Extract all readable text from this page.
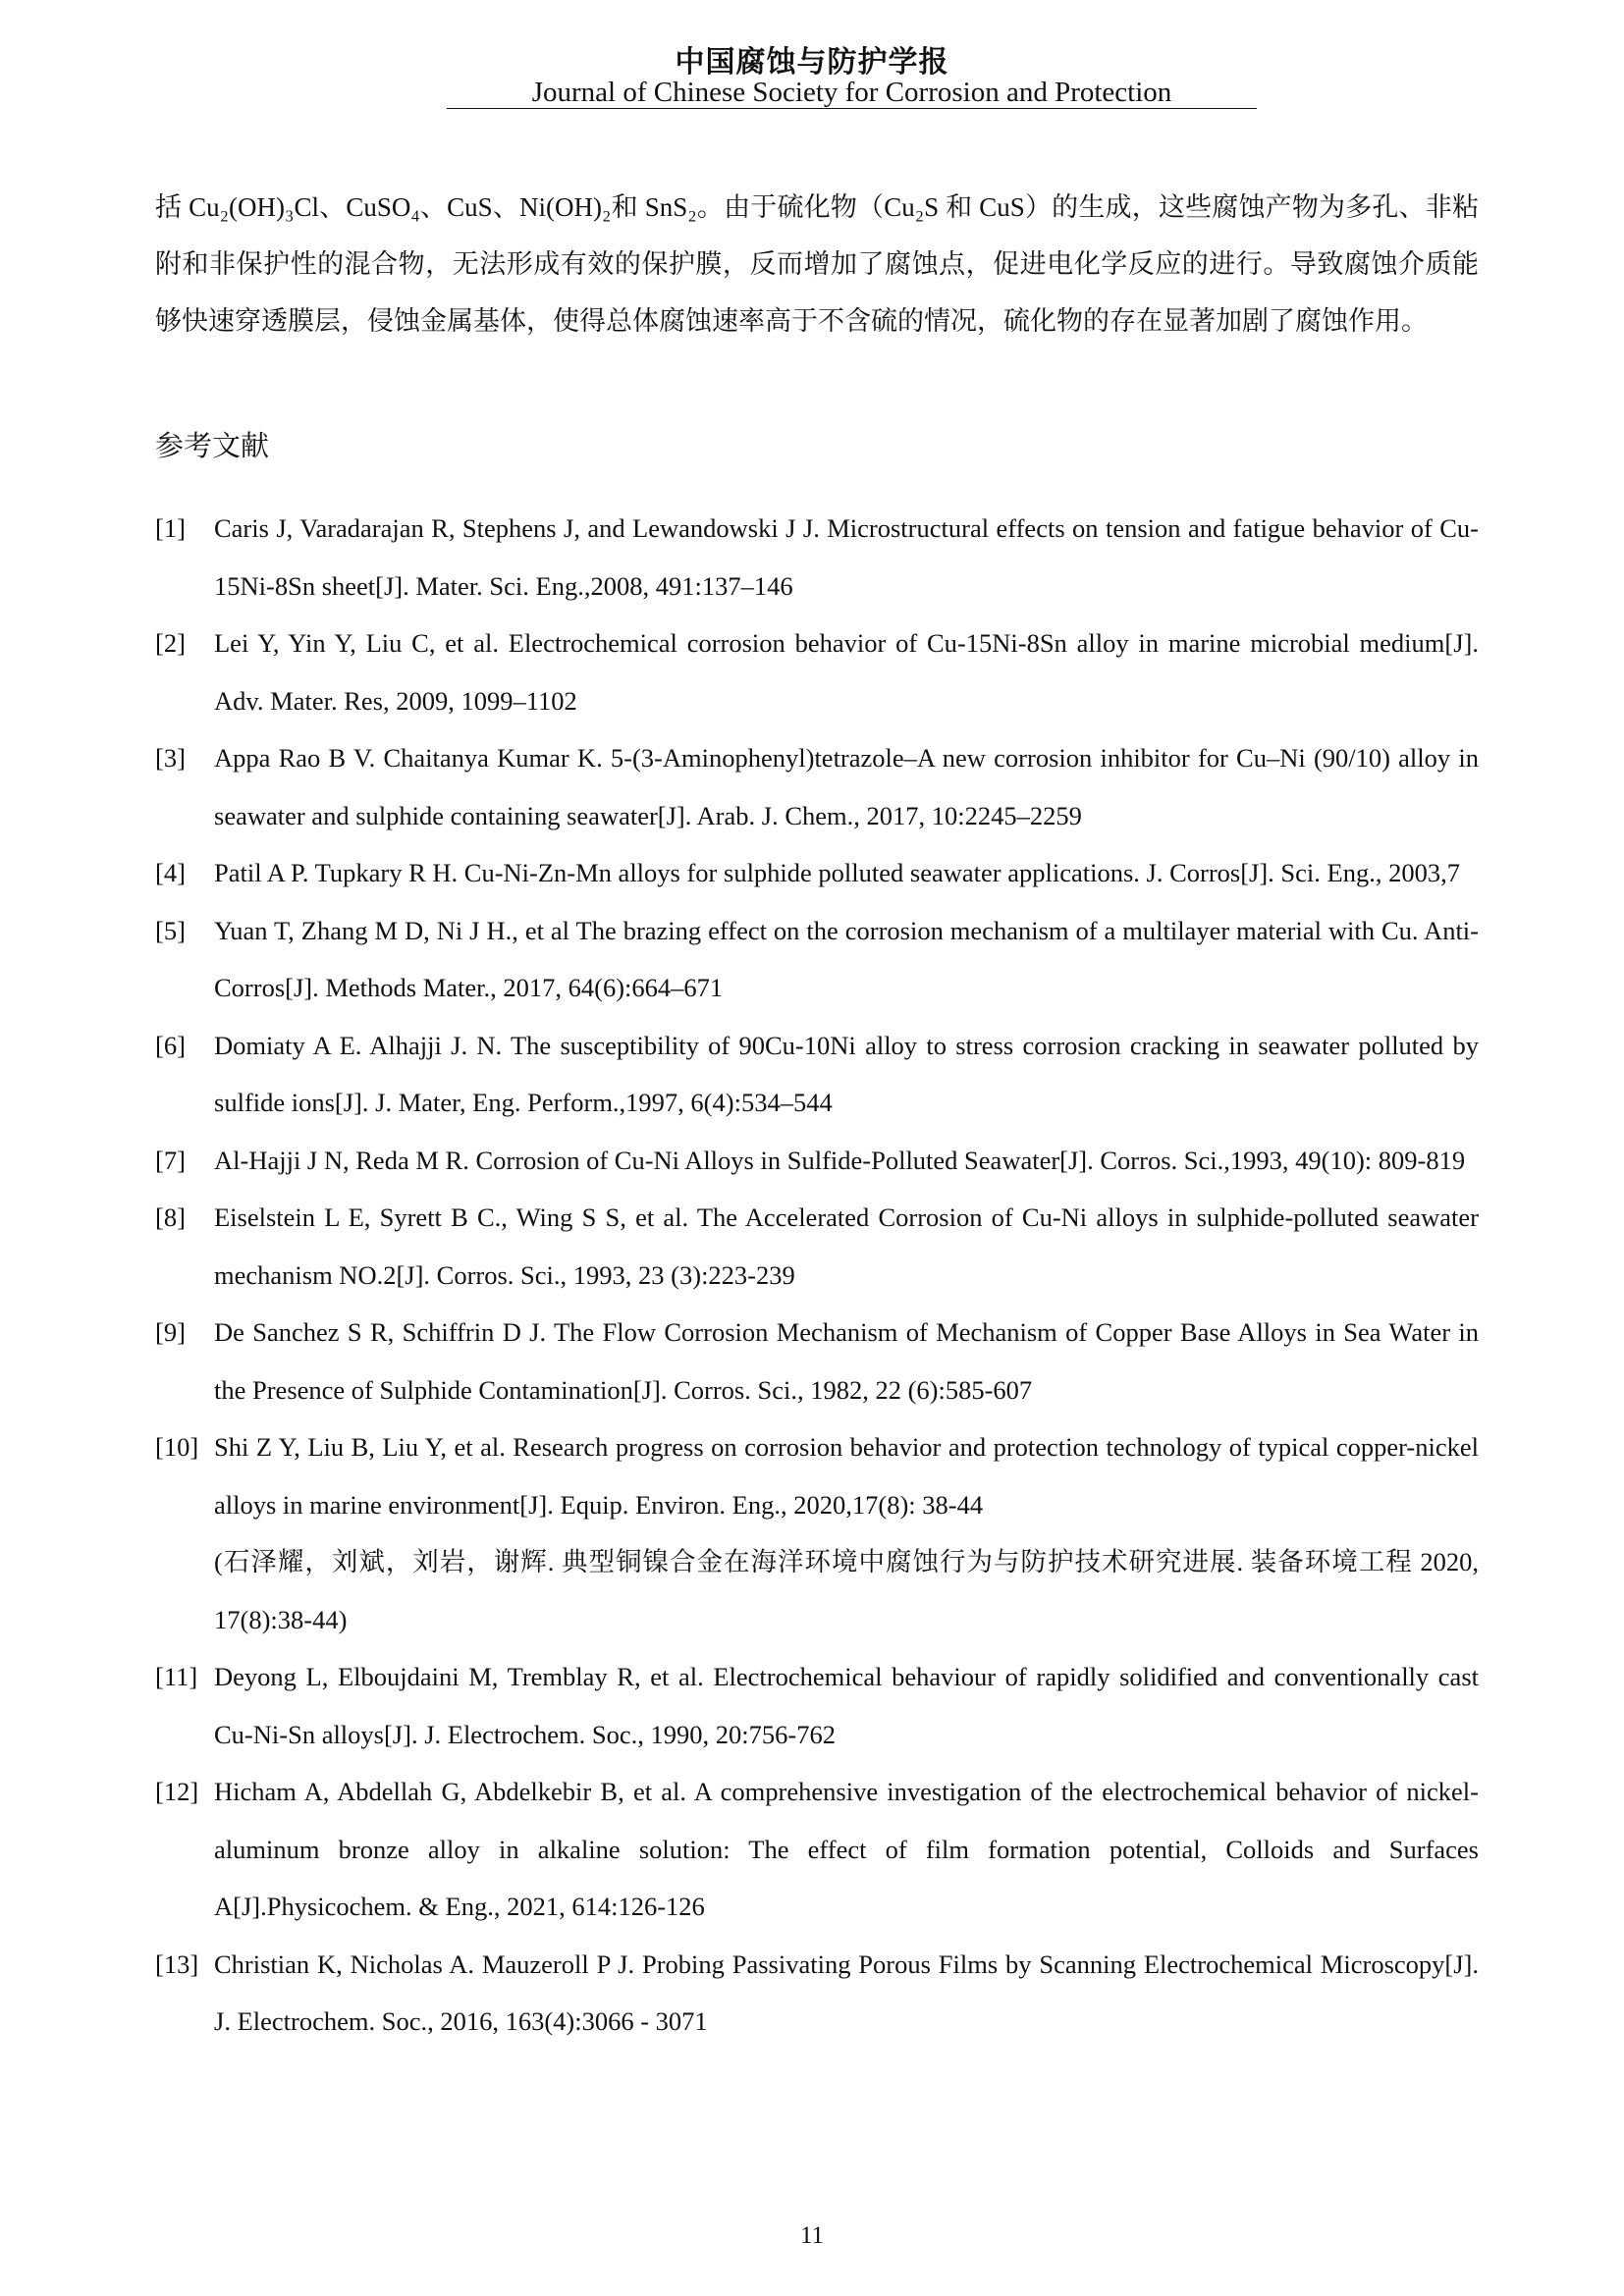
中国腐蚀与防护学报
Journal of Chinese Society for Corrosion and Protection
括 Cu₂(OH)₃Cl、CuSO₄、CuS、Ni(OH)₂和 SnS₂。由于硫化物（Cu₂S 和 CuS）的生成，这些腐蚀产物为多孔、非粘附和非保护性的混合物，无法形成有效的保护膜，反而增加了腐蚀点，促进电化学反应的进行。导致腐蚀介质能够快速穿透膜层，侵蚀金属基体，使得总体腐蚀速率高于不含硫的情况，硫化物的存在显著加剧了腐蚀作用。
参考文献
[1]	Caris J, Varadarajan R, Stephens J, and Lewandowski J J. Microstructural effects on tension and fatigue behavior of Cu-15Ni-8Sn sheet[J]. Mater. Sci. Eng.,2008, 491:137–146
[2]	Lei Y, Yin Y, Liu C, et al. Electrochemical corrosion behavior of Cu-15Ni-8Sn alloy in marine microbial medium[J]. Adv. Mater. Res, 2009, 1099–1102
[3]	Appa Rao B V. Chaitanya Kumar K. 5-(3-Aminophenyl)tetrazole–A new corrosion inhibitor for Cu–Ni (90/10) alloy in seawater and sulphide containing seawater[J]. Arab. J. Chem., 2017, 10:2245–2259
[4]	Patil A P. Tupkary R H. Cu-Ni-Zn-Mn alloys for sulphide polluted seawater applications. J. Corros[J]. Sci. Eng., 2003,7
[5]	Yuan T, Zhang M D, Ni J H., et al The brazing effect on the corrosion mechanism of a multilayer material with Cu. Anti-Corros[J]. Methods Mater., 2017, 64(6):664–671
[6]	Domiaty A E. Alhajji J. N. The susceptibility of 90Cu-10Ni alloy to stress corrosion cracking in seawater polluted by sulfide ions[J]. J. Mater, Eng. Perform.,1997, 6(4):534–544
[7]	Al-Hajji J N, Reda M R. Corrosion of Cu-Ni Alloys in Sulfide-Polluted Seawater[J]. Corros. Sci.,1993, 49(10): 809-819
[8]	Eiselstein L E, Syrett B C., Wing S S, et al. The Accelerated Corrosion of Cu-Ni alloys in sulphide-polluted seawater mechanism NO.2[J]. Corros. Sci., 1993, 23 (3):223-239
[9]	De Sanchez S R, Schiffrin D J. The Flow Corrosion Mechanism of Mechanism of Copper Base Alloys in Sea Water in the Presence of Sulphide Contamination[J]. Corros. Sci., 1982, 22 (6):585-607
[10] Shi Z Y, Liu B, Liu Y, et al. Research progress on corrosion behavior and protection technology of typical copper-nickel alloys in marine environment[J]. Equip. Environ. Eng., 2020,17(8): 38-44
(石泽耀，刘斌，刘岩，谢辉. 典型铜镍合金在海洋环境中腐蚀行为与防护技术研究进展. 装备环境工程 2020, 17(8):38-44)
[11] Deyong L, Elboujdaini M, Tremblay R, et al. Electrochemical behaviour of rapidly solidified and conventionally cast Cu-Ni-Sn alloys[J]. J. Electrochem. Soc., 1990, 20:756-762
[12] Hicham A, Abdellah G, Abdelkebir B, et al. A comprehensive investigation of the electrochemical behavior of nickel-aluminum bronze alloy in alkaline solution: The effect of film formation potential, Colloids and Surfaces A[J].Physicochem. & Eng., 2021, 614:126-126
[13] Christian K, Nicholas A. Mauzeroll P J. Probing Passivating Porous Films by Scanning Electrochemical Microscopy[J]. J. Electrochem. Soc., 2016, 163(4):3066 - 3071
11
